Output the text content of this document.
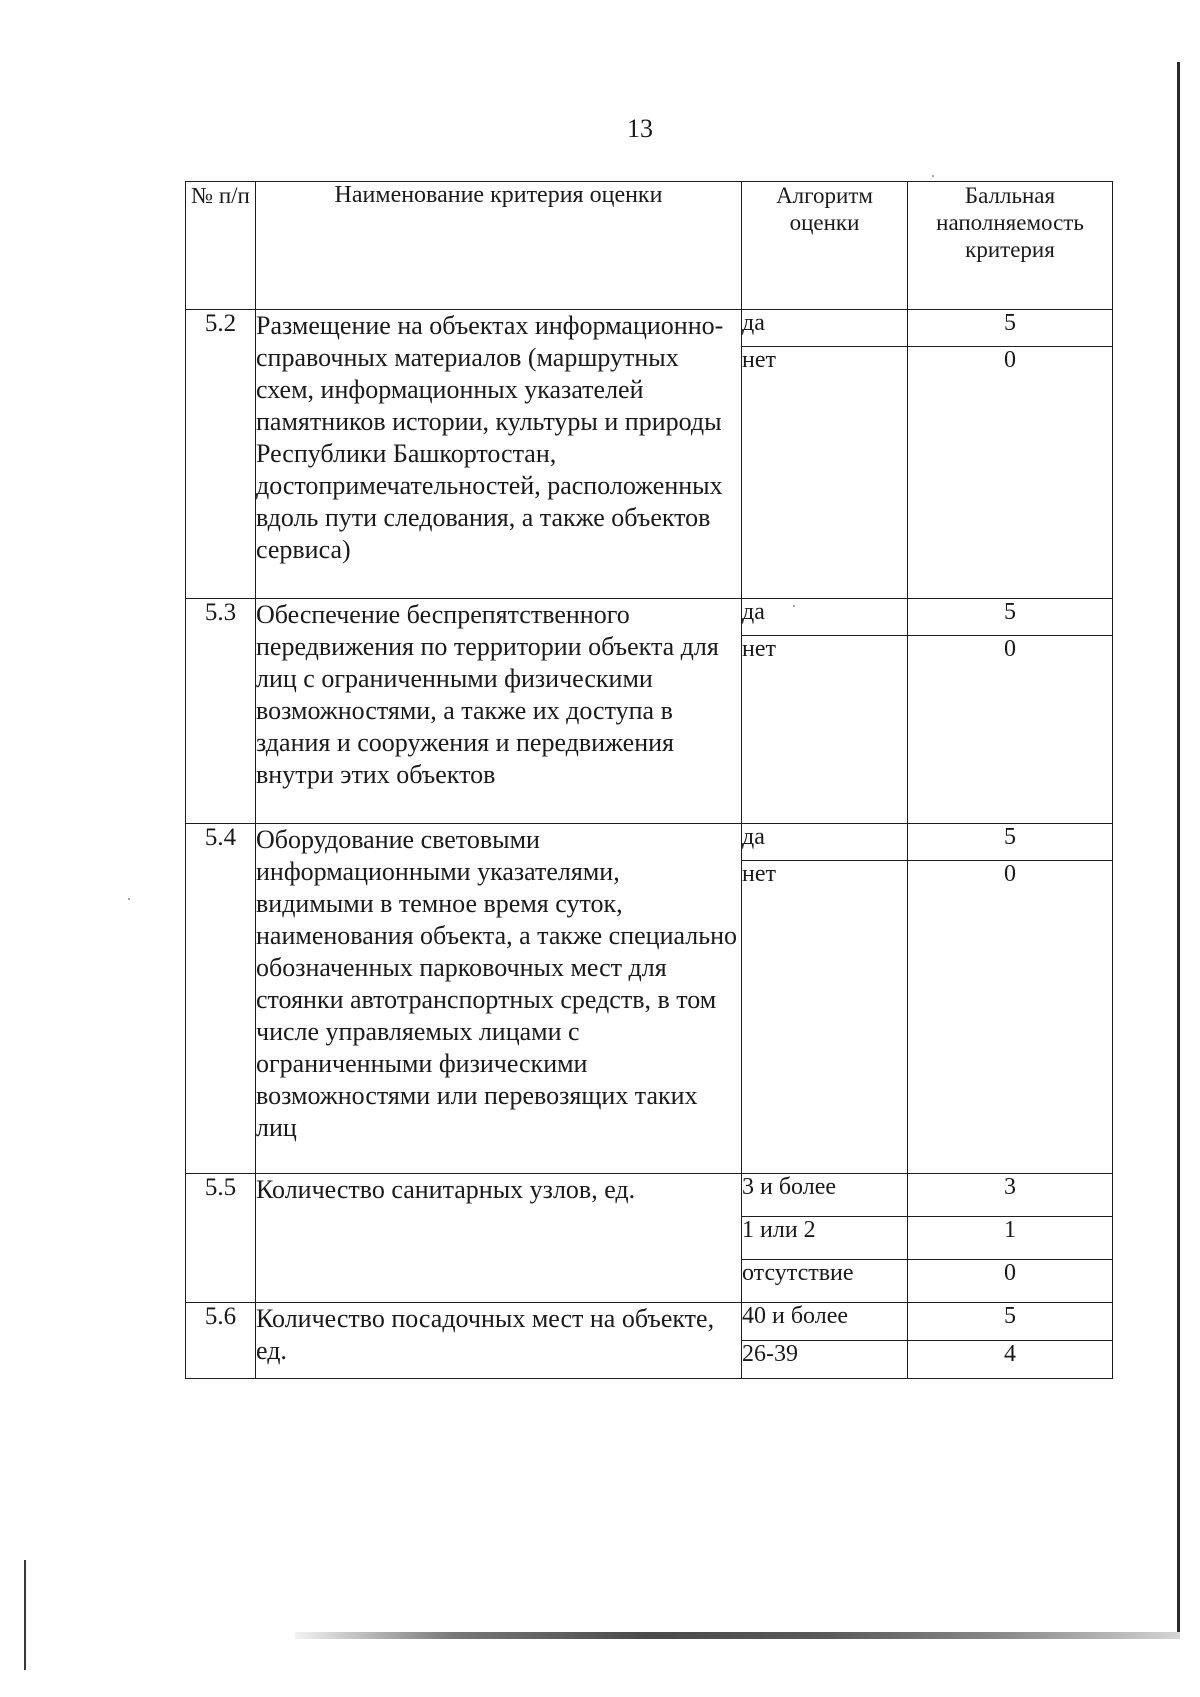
13
№ п/п	Наименование критерия оценки	Алгоритм оценки	Балльная наполняемость критерия
5.2	Размещение на объектах информационно-справочных материалов (маршрутных схем, информационных указателей памятников истории, культуры и природы Республики Башкортостан, достопримечательностей, расположенных вдоль пути следования, а также объектов сервиса)	да	5
		нет	0
5.3	Обеспечение беспрепятственного передвижения по территории объекта для лиц с ограниченными физическими возможностями, а также их доступа в здания и сооружения и передвижения внутри этих объектов	да	5
		нет	0
5.4	Оборудование световыми информационными указателями, видимыми в темное время суток, наименования объекта, а также специально обозначенных парковочных мест для стоянки автотранспортных средств, в том числе управляемых лицами с ограниченными физическими возможностями или перевозящих таких лиц	да	5
		нет	0
5.5	Количество санитарных узлов, ед.	3 и более	3
		1 или 2	1
		отсутствие	0
5.6	Количество посадочных мест на объекте, ед.	40 и более	5
		26-39	4
